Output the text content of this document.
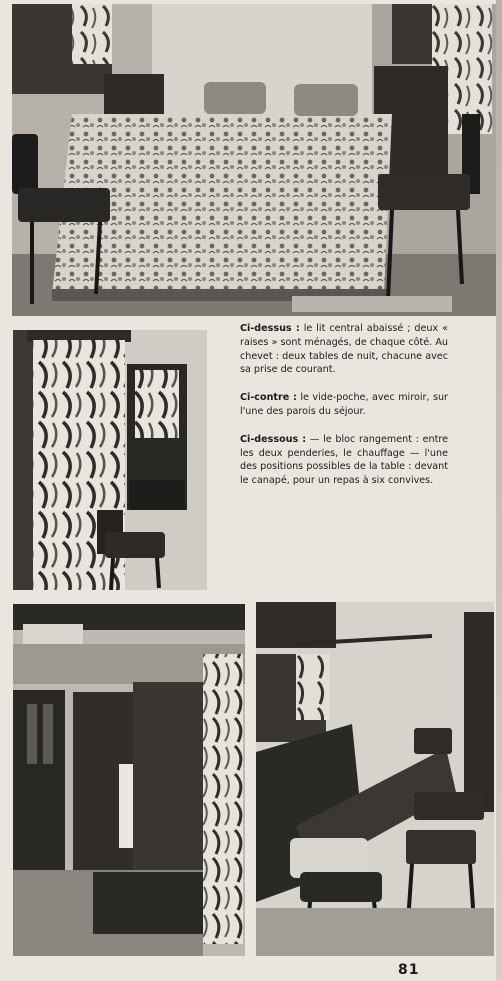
Ci-dessus : le lit central abaissé ; deux « raises » sont ménagés, de chaque côté. Au chevet : deux tables de nuit, chacune avec sa prise de courant.

Ci-contre : le vide-poche, avec miroir, sur l'une des parois du séjour.

Ci-dessous : — le bloc rangement : entre les deux penderies, le chauffage — l'une des positions possibles de la table : devant le canapé, pour un repas à six convives.

81
